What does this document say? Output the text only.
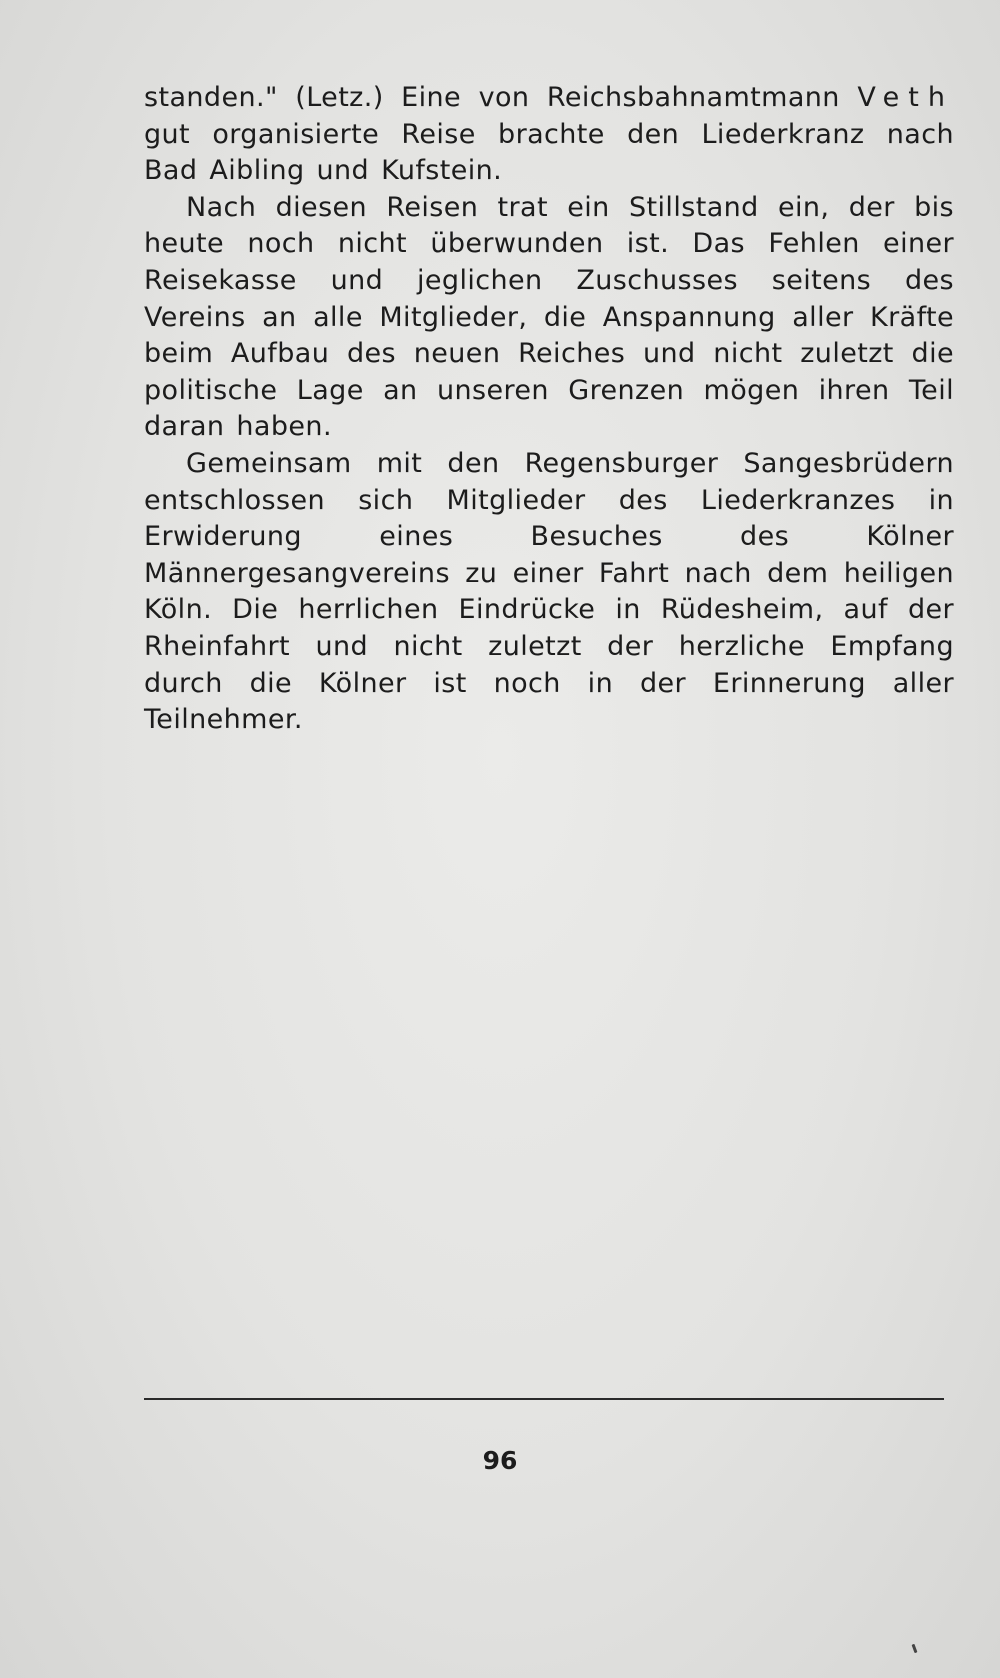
standen." (Letz.) Eine von Reichsbahnamtmann Veth gut organisierte Reise brachte den Liederkranz nach Bad Aibling und Kufstein.

Nach diesen Reisen trat ein Stillstand ein, der bis heute noch nicht überwunden ist. Das Fehlen einer Reisekasse und jeglichen Zuschusses seitens des Vereins an alle Mitglieder, die Anspannung aller Kräfte beim Aufbau des neuen Reiches und nicht zuletzt die politische Lage an unseren Grenzen mögen ihren Teil daran haben.

Gemeinsam mit den Regensburger Sangesbrüdern entschlossen sich Mitglieder des Liederkranzes in Erwiderung eines Besuches des Kölner Männergesangvereins zu einer Fahrt nach dem heiligen Köln. Die herrlichen Eindrücke in Rüdesheim, auf der Rheinfahrt und nicht zuletzt der herzliche Empfang durch die Kölner ist noch in der Erinnerung aller Teilnehmer.

96
